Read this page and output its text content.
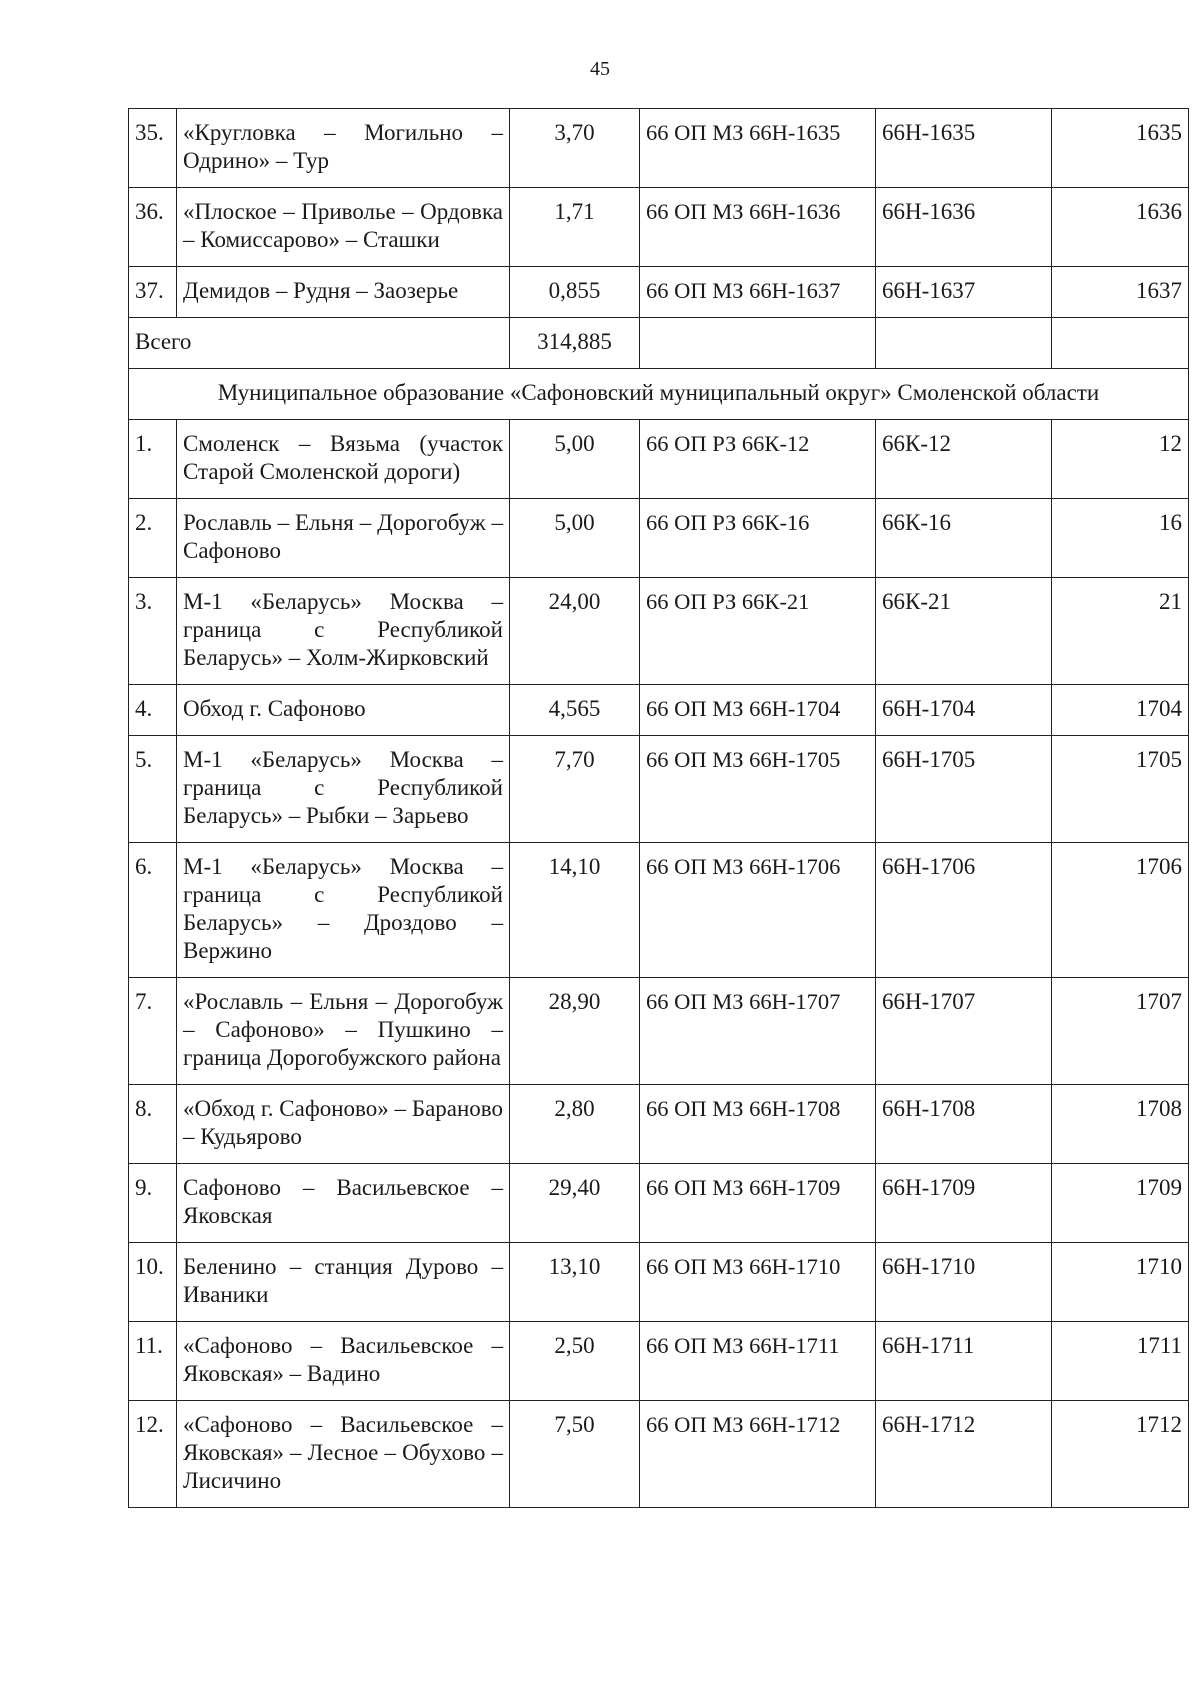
45
35.	«Кругловка – Могильно – Одрино» – Тур	3,70	66 ОП МЗ 66Н-1635	66Н-1635	1635
36.	«Плоское – Приволье – Ордовка – Комиссарово» – Сташки	1,71	66 ОП МЗ 66Н-1636	66Н-1636	1636
37.	Демидов – Рудня – Заозерье	0,855	66 ОП МЗ 66Н-1637	66Н-1637	1637
Всего		314,885			
Муниципальное образование «Сафоновский муниципальный округ» Смоленской области					
1.	Смоленск – Вязьма (участок Старой Смоленской дороги)	5,00	66 ОП РЗ 66К-12	66К-12	12
2.	Рославль – Ельня – Дорогобуж – Сафоново	5,00	66 ОП РЗ 66К-16	66К-16	16
3.	М-1 «Беларусь» Москва – граница с Республикой Беларусь» – Холм-Жирковский	24,00	66 ОП РЗ 66К-21	66К-21	21
4.	Обход г. Сафоново	4,565	66 ОП МЗ 66Н-1704	66Н-1704	1704
5.	М-1 «Беларусь» Москва – граница с Республикой Беларусь» – Рыбки – Зарьево	7,70	66 ОП МЗ 66Н-1705	66Н-1705	1705
6.	М-1 «Беларусь» Москва – граница с Республикой Беларусь» – Дроздово – Вержино	14,10	66 ОП МЗ 66Н-1706	66Н-1706	1706
7.	«Рославль – Ельня – Дорогобуж – Сафоново» – Пушкино – граница Дорогобужского района	28,90	66 ОП МЗ 66Н-1707	66Н-1707	1707
8.	«Обход г. Сафоново» – Бараново – Кудьярово	2,80	66 ОП МЗ 66Н-1708	66Н-1708	1708
9.	Сафоново – Васильевское – Яковская	29,40	66 ОП МЗ 66Н-1709	66Н-1709	1709
10.	Беленино – станция Дурово – Иваники	13,10	66 ОП МЗ 66Н-1710	66Н-1710	1710
11.	«Сафоново – Васильевское – Яковская» – Вадино	2,50	66 ОП МЗ 66Н-1711	66Н-1711	1711
12.	«Сафоново – Васильевское – Яковская» – Лесное – Обухово – Лисичино	7,50	66 ОП МЗ 66Н-1712	66Н-1712	1712
